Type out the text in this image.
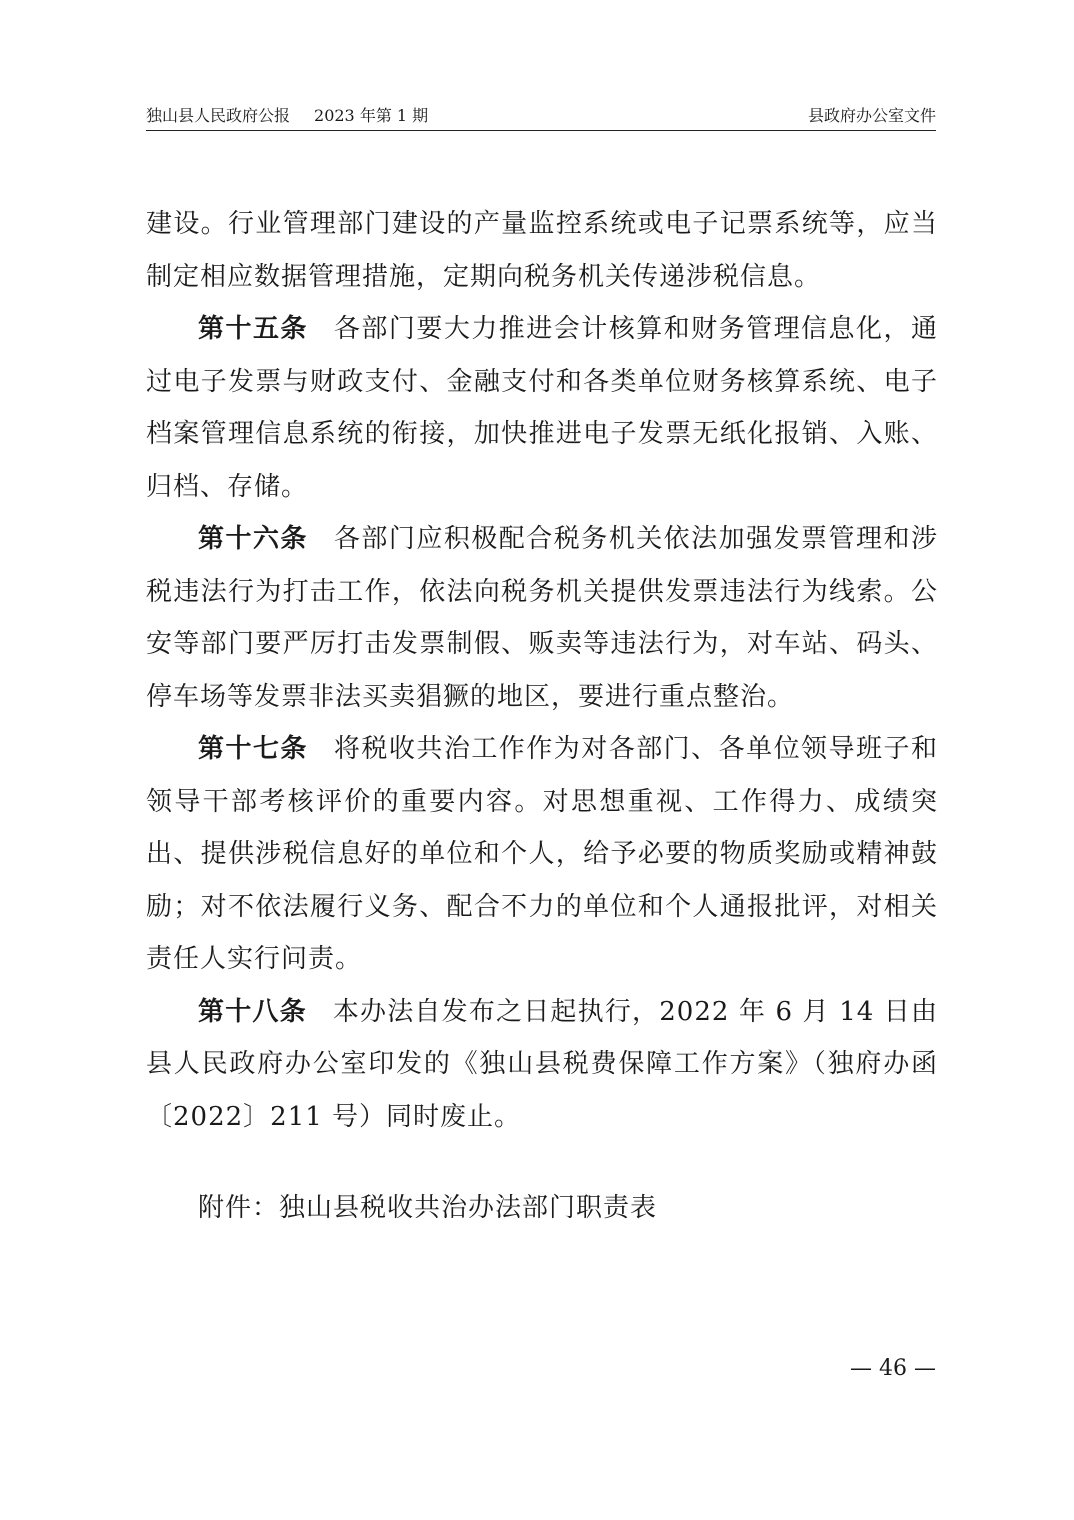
独山县人民政府公报 2023 年第 1 期	县政府办公室文件

建设。行业管理部门建设的产量监控系统或电子记票系统等，应当制定相应数据管理措施，定期向税务机关传递涉税信息。

第十五条 各部门要大力推进会计核算和财务管理信息化，通过电子发票与财政支付、金融支付和各类单位财务核算系统、电子档案管理信息系统的衔接，加快推进电子发票无纸化报销、入账、归档、存储。

第十六条 各部门应积极配合税务机关依法加强发票管理和涉税违法行为打击工作，依法向税务机关提供发票违法行为线索。公安等部门要严厉打击发票制假、贩卖等违法行为，对车站、码头、停车场等发票非法买卖猖獗的地区，要进行重点整治。

第十七条 将税收共治工作作为对各部门、各单位领导班子和领导干部考核评价的重要内容。对思想重视、工作得力、成绩突出、提供涉税信息好的单位和个人，给予必要的物质奖励或精神鼓励；对不依法履行义务、配合不力的单位和个人通报批评，对相关责任人实行问责。

第十八条 本办法自发布之日起执行，2022 年 6 月 14 日由县人民政府办公室印发的《独山县税费保障工作方案》（独府办函〔2022〕211 号）同时废止。

附件：独山县税收共治办法部门职责表
— 46 —
